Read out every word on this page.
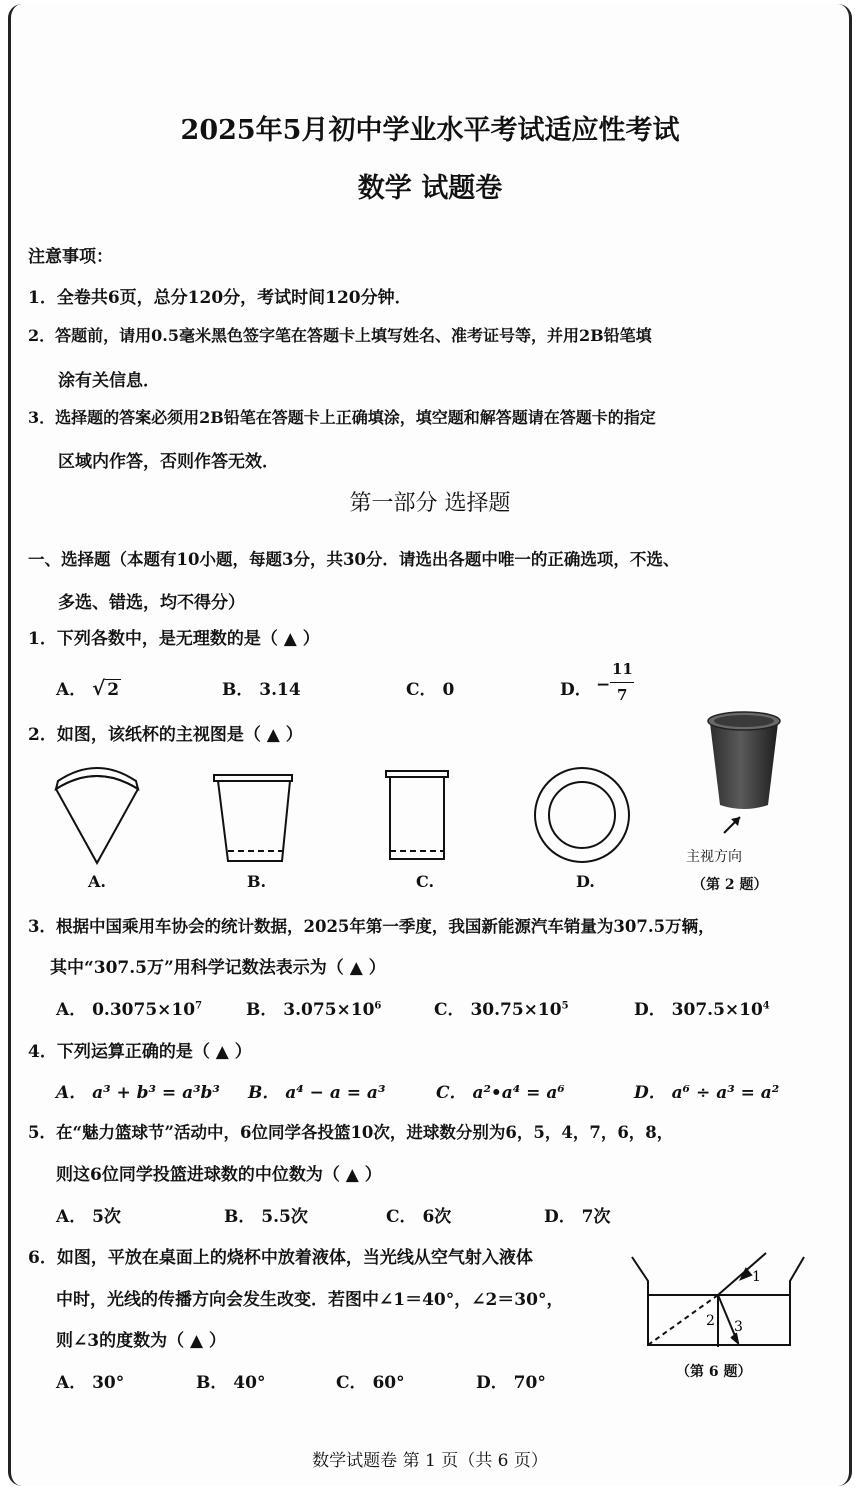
2025年5月初中学业水平考试适应性考试
数学 试题卷
注意事项：
1．全卷共6页，总分120分，考试时间120分钟．
2．答题前，请用0.5毫米黑色签字笔在答题卡上填写姓名、准考证号等，并用2B铅笔填
涂有关信息．
3．选择题的答案必须用2B铅笔在答题卡上正确填涂，填空题和解答题请在答题卡的指定
区域内作答，否则作答无效．
第一部分 选择题
一、选择题（本题有10小题，每题3分，共30分．请选出各题中唯一的正确选项，不选、
多选、错选，均不得分）
1．下列各数中，是无理数的是（ ▲ ）
A． √ 2	B． 3.14	C． 0	D． −
11
7
2．如图，该纸杯的主视图是（ ▲ ）
A.	B.	C.	D.
主视方向
（第 2 题）
3．根据中国乘用车协会的统计数据，2025年第一季度，我国新能源汽车销量为307.5万辆，
其中“307.5万”用科学记数法表示为（ ▲ ）
A． $0.3075\times 10^7$	B． $3.075\times 10^6$	C． $30.75\times 10^5$	D． $307.5\times 10^4$
4．下列运算正确的是（ ▲ ）
A． a³ + b³ = a³b³ B． a⁴ − a = a³	C． a²•a⁴ = a⁶	D． a⁶ ÷ a³ = a²
5．在“魅力篮球节”活动中，6位同学各投篮10次，进球数分别为6，5，4，7，6，8，
则这6位同学投篮进球数的中位数为（ ▲ ）
A． 5次	B． 5.5次	C． 6次	D． 7次
6．如图，平放在桌面上的烧杯中放着液体，当光线从空气射入液体
中时，光线的传播方向会发生改变．若图中∠1＝40°，∠2＝30°，
则∠3的度数为（ ▲ ）
A． 30°	B． 40°	C． 60°	D． 70°
1
2 3
（第 6 题）
数学试题卷 第 1 页（共 6 页）
